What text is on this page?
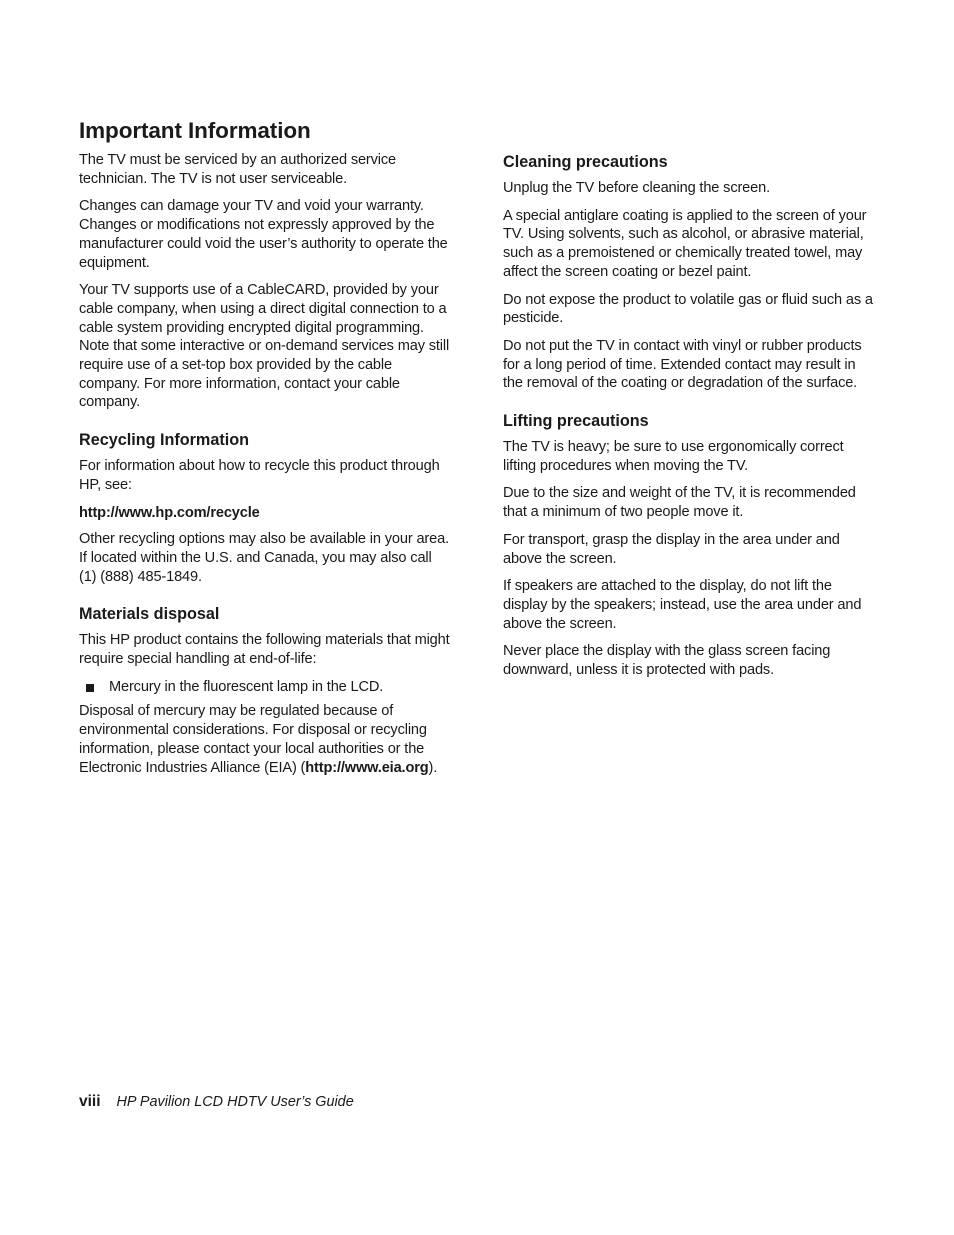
Important Information

The TV must be serviced by an authorized service technician. The TV is not user serviceable.

Changes can damage your TV and void your warranty. Changes or modifications not expressly approved by the manufacturer could void the user’s authority to operate the equipment.

Your TV supports use of a CableCARD, provided by your cable company, when using a direct digital connection to a cable system providing encrypted digital programming. Note that some interactive or on-demand services may still require use of a set-top box provided by the cable company. For more information, contact your cable company.

Recycling Information

For information about how to recycle this product through HP, see:

http://www.hp.com/recycle

Other recycling options may also be available in your area. If located within the U.S. and Canada, you may also call (1) (888) 485-1849.

Materials disposal

This HP product contains the following materials that might require special handling at end-of-life:

Mercury in the fluorescent lamp in the LCD.

Disposal of mercury may be regulated because of environmental considerations. For disposal or recycling information, please contact your local authorities or the Electronic Industries Alliance (EIA) (http://www.eia.org).

Cleaning precautions

Unplug the TV before cleaning the screen.

A special antiglare coating is applied to the screen of your TV. Using solvents, such as alcohol, or abrasive material, such as a premoistened or chemically treated towel, may affect the screen coating or bezel paint.

Do not expose the product to volatile gas or fluid such as a pesticide.

Do not put the TV in contact with vinyl or rubber products for a long period of time. Extended contact may result in the removal of the coating or degradation of the surface.

Lifting precautions

The TV is heavy; be sure to use ergonomically correct lifting procedures when moving the TV.

Due to the size and weight of the TV, it is recommended that a minimum of two people move it.

For transport, grasp the display in the area under and above the screen.

If speakers are attached to the display, do not lift the display by the speakers; instead, use the area under and above the screen.

Never place the display with the glass screen facing downward, unless it is protected with pads.

viii HP Pavilion LCD HDTV User’s Guide
